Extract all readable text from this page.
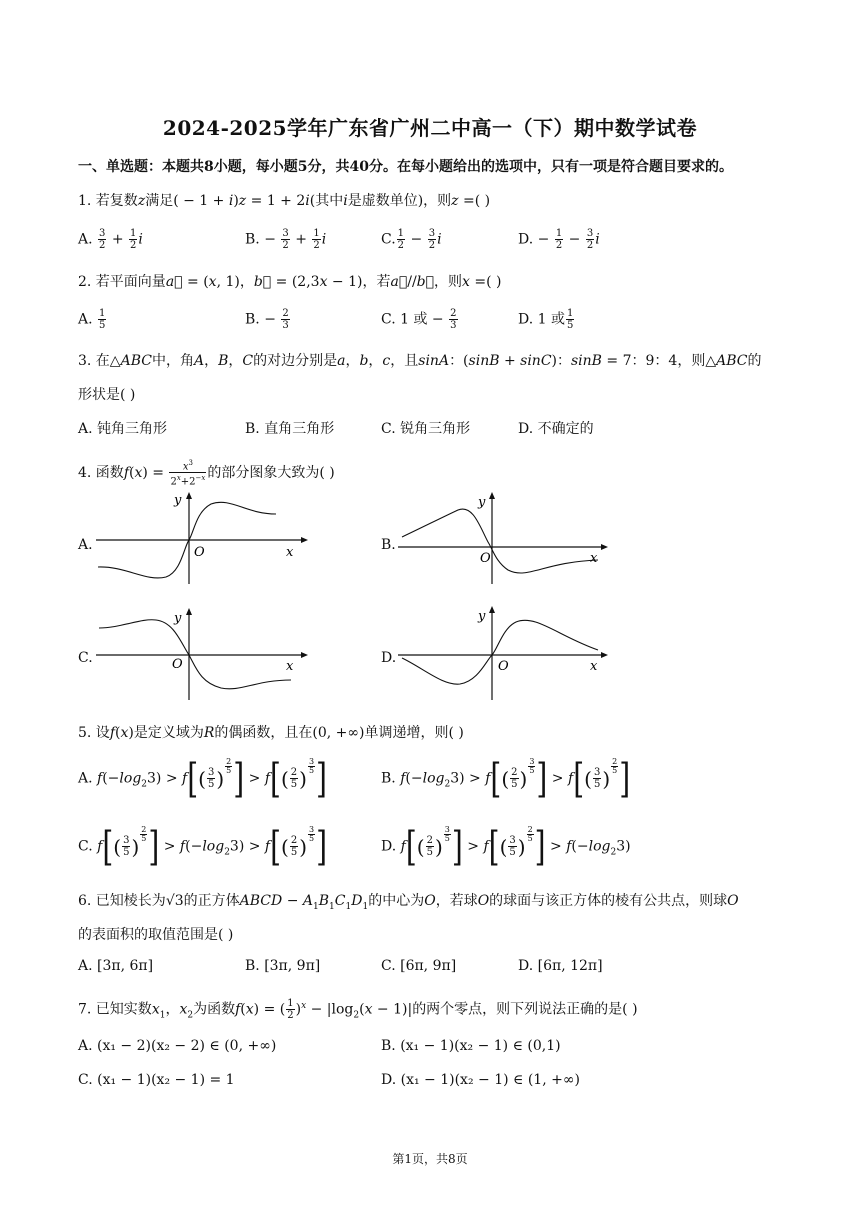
2024-2025学年广东省广州二中高一（下）期中数学试卷
一、单选题：本题共8小题，每小题5分，共40分。在每小题给出的选项中，只有一项是符合题目要求的。
1. 若复数z满足( − 1 + i)z = 1 + 2i(其中i是虚数单位)，则z =( )
A. $\frac{3}{2} + \frac{1}{2}$ i	B. − $\frac{3}{2} + \frac{1}{2}$ i	C. $\frac{1}{2} - \frac{3}{2}$ i	D. − $\frac{1}{2} - \frac{3}{2}$ i
2. 若平面向量a⃗ = (x, 1)，b⃗ = (2,3x − 1)，若a⃗//b⃗，则x =( )
A. $\frac{1}{5}$	B. − $\frac{2}{3}$	C. 1 或 − $\frac{2}{3}$	D. 1 或 $\frac{1}{5}$
3. 在△ABC中，角A，B，C的对边分别是a，b，c，且sinA：(sinB + sinC)：sinB = 7：9：4，则△ABC的
形状是( )
A. 钝角三角形	B. 直角三角形	C. 锐角三角形	D. 不确定的
4. 函数$f(x) = \frac{x^3}{2^x+2^{-x}}$ 的部分图象大致为( )
A.
y
x
O	B.
y
x
O
C.
y
x
O	D.
y
x
O
5. 设f(x)是定义域为R的偶函数，且在(0, +∞)单调递增，则( )
A. $f(-\log_23) > f[( \frac{3}{5}$ ) $^{\frac{2}{5}}$ ] > $f[( \frac{2}{5}$ ) $^{\frac{3}{5}}$ ]	B. $f(-\log_23) > f[( \frac{2}{5}$ ) $^{\frac{3}{5}}$ ] > $f[( \frac{3}{5}$ ) $^{\frac{2}{5}}$ ]
C. $f[( \frac{3}{5}$ ) $^{\frac{2}{5}}$ ] > $f(-\log_23) > f[( \frac{2}{5}$ ) $^{\frac{3}{5}}$ ]	D. $f[( \frac{2}{5}$ ) $^{\frac{3}{5}}$ ] > $f[( \frac{3}{5}$ ) $^{\frac{2}{5}}$ ] > $f(-\log_23)$
6. 已知棱长为√3的正方体ABCD − $A_1B_1C_1D_1$的中心为O，若球O的球面与该正方体的棱有公共点，则球O
的表面积的取值范围是( )
A. [3π, 6π]	B. [3π, 9π]	C. [6π, 9π]	D. [6π, 12π]
7. 已知实数$x_1$，$x_2$为函数f(x) = ( $\frac{1}{2} )^x - |\log_2(x - 1)|$的两个零点，则下列说法正确的是( )
A. (x₁ − 2)(x₂ − 2) ∈ (0, +∞)	B. (x₁ − 1)(x₂ − 1) ∈ (0,1)
C. (x₁ − 1)(x₂ − 1) = 1	D. (x₁ − 1)(x₂ − 1) ∈ (1, +∞)
第1页，共8页
